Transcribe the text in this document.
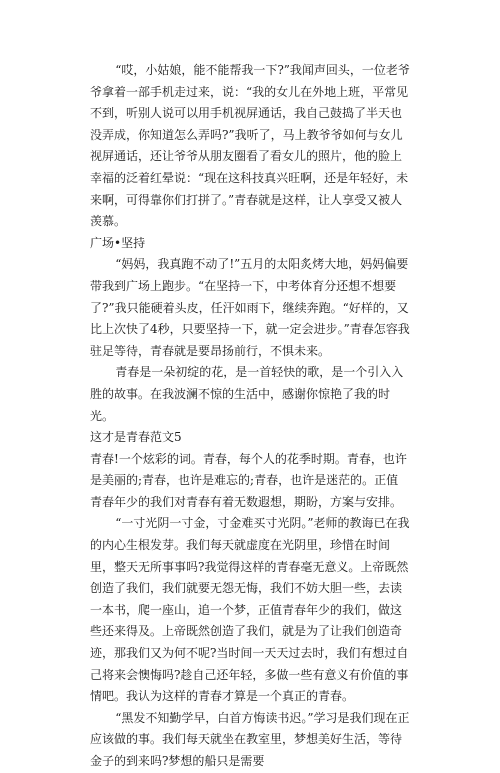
“哎，小姑娘，能不能帮我一下?”我闻声回头，一位老爷爷拿着一部手机走过来，说：“我的女儿在外地上班，平常见不到，听别人说可以用手机视屏通话，我自己鼓捣了半天也没弄成，你知道怎么弄吗?”我听了，马上教爷爷如何与女儿视屏通话，还让爷爷从朋友圈看了看女儿的照片，他的脸上幸福的泛着红晕说：“现在这科技真兴旺啊，还是年轻好，未来啊，可得靠你们打拼了。”青春就是这样，让人享受又被人羡慕。

广场•坚持

“妈妈，我真跑不动了!”五月的太阳炙烤大地，妈妈偏要带我到广场上跑步。“在坚持一下，中考体育分还想不想要了?”我只能硬着头皮，任汗如雨下，继续奔跑。“好样的，又比上次快了4秒，只要坚持一下，就一定会进步。”青春怎容我驻足等待，青春就是要昂扬前行，不惧未来。

青春是一朵初绽的花，是一首轻快的歌，是一个引入入胜的故事。在我波澜不惊的生活中，感谢你惊艳了我的时光。

这才是青春范文5

青春!一个炫彩的词。青春，每个人的花季时期。青春，也许是美丽的;青春，也许是难忘的;青春，也许是迷茫的。正值青春年少的我们对青春有着无数遐想，期盼，方案与安排。

“一寸光阴一寸金，寸金难买寸光阴。”老师的教诲已在我的内心生根发芽。我们每天就虚度在光阴里，珍惜在时间里，整天无所事事吗?我觉得这样的青春毫无意义。上帝既然创造了我们，我们就要无怨无悔，我们不妨大胆一些，去读一本书，爬一座山，追一个梦，正值青春年少的我们，做这些还来得及。上帝既然创造了我们，就是为了让我们创造奇迹，那我们又为何不呢?当时间一天天过去时，我们有想过自己将来会懊悔吗?趁自己还年轻，多做一些有意义有价值的事情吧。我认为这样的青春才算是一个真正的青春。

“黑发不知勤学早，白首方悔读书迟。”学习是我们现在正应该做的事。我们每天就坐在教室里，梦想美好生活，等待金子的到来吗?梦想的船只是需要
